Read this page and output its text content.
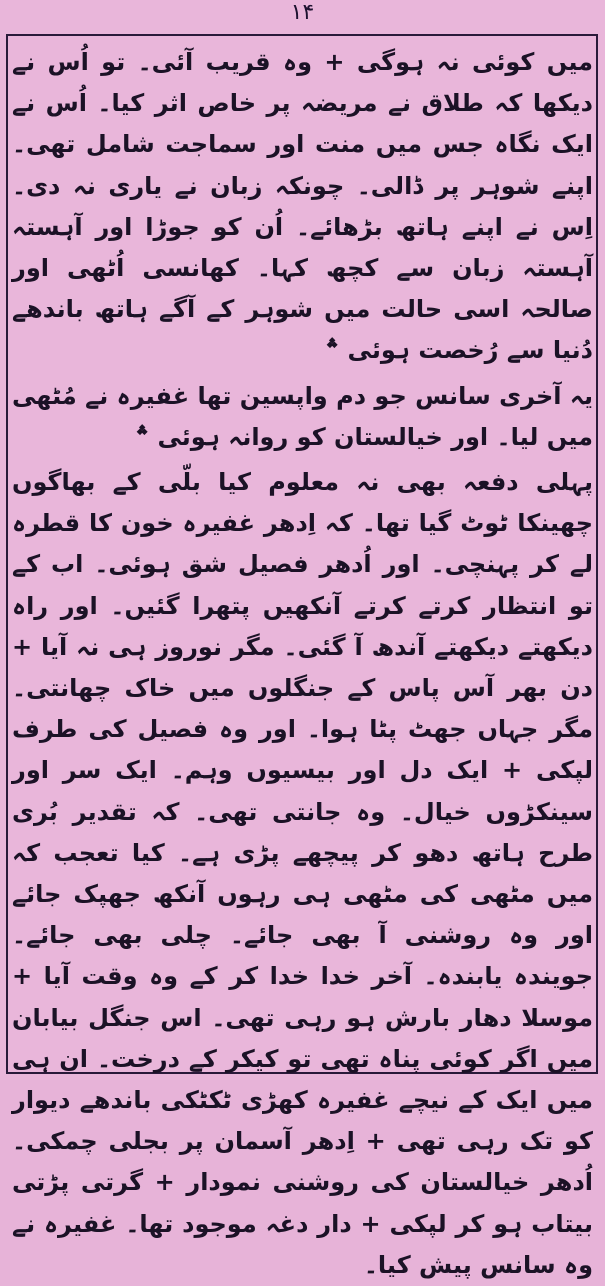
۱۴

میں کوئی نہ ہوگی + وہ قریب آئی۔ تو اُس نے دیکھا کہ طلاق نے مریضہ پر خاص اثر کیا۔ اُس نے ایک نگاہ جس میں منت اور سماجت شامل تھی۔ اپنے شوہر پر ڈالی۔ چونکہ زبان نے یاری نہ دی۔ اِس نے اپنے ہاتھ بڑھائے۔ اُن کو جوڑا اور آہستہ آہستہ زبان سے کچھ کہا۔ کھانسی اُٹھی اور صالحہ اسی حالت میں شوہر کے آگے ہاتھ باندھے دُنیا سے رُخصت ہوئی ؞

یہ آخری سانس جو دم واپسین تھا غفیرہ نے مُٹھی میں لیا۔ اور خیالستان کو روانہ ہوئی ؞

پہلی دفعہ بھی نہ معلوم کیا بلّی کے بھاگوں چھینکا ٹوٹ گیا تھا۔ کہ اِدھر غفیرہ خون کا قطرہ لے کر پہنچی۔ اور اُدھر فصیل شق ہوئی۔ اب کے تو انتظار کرتے کرتے آنکھیں پتھرا گئیں۔ اور راہ دیکھتے دیکھتے آندھ آ گئی۔ مگر نوروز ہی نہ آیا + دن بھر آس پاس کے جنگلوں میں خاک چھانتی۔ مگر جہاں جھٹ پٹا ہوا۔ اور وہ فصیل کی طرف لپکی + ایک دل اور بیسیوں وہم۔ ایک سر اور سینکڑوں خیال۔ وہ جانتی تھی۔ کہ تقدیر بُری طرح ہاتھ دھو کر پیچھے پڑی ہے۔ کیا تعجب کہ میں مٹھی کی مٹھی ہی رہوں آنکھ جھپک جائے اور وہ روشنی آ بھی جائے۔ چلی بھی جائے۔ جویندہ یابندہ۔ آخر خدا خدا کر کے وہ وقت آیا + موسلا دھار بارش ہو رہی تھی۔ اس جنگل بیابان میں اگر کوئی پناہ تھی تو کیکر کے درخت۔ ان ہی میں ایک کے نیچے غفیرہ کھڑی ٹکٹکی باندھے دیوار کو تک رہی تھی + اِدھر آسمان پر بجلی چمکی۔ اُدھر خیالستان کی روشنی نمودار + گرتی پڑتی بیتاب ہو کر لپکی + دار دغہ موجود تھا۔ غفیرہ نے وہ سانس پیش کیا۔
